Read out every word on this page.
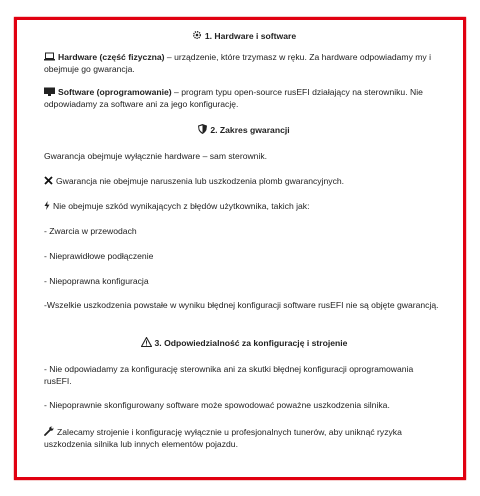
1. Hardware i software

Hardware (część fizyczna) – urządzenie, które trzymasz w ręku. Za hardware odpowiadamy my i obejmuje go gwarancja.

Software (oprogramowanie) – program typu open-source rusEFI działający na sterowniku. Nie odpowiadamy za software ani za jego konfigurację.

2. Zakres gwarancji

Gwarancja obejmuje wyłącznie hardware – sam sterownik.

Gwarancja nie obejmuje naruszenia lub uszkodzenia plomb gwarancyjnych.

Nie obejmuje szkód wynikających z błędów użytkownika, takich jak:

- Zwarcia w przewodach

- Nieprawidłowe podłączenie

- Niepoprawna konfiguracja

-Wszelkie uszkodzenia powstałe w wyniku błędnej konfiguracji software rusEFI nie są objęte gwarancją.

3. Odpowiedzialność za konfigurację i strojenie

- Nie odpowiadamy za konfigurację sterownika ani za skutki błędnej konfiguracji oprogramowania rusEFI.

- Niepoprawnie skonfigurowany software może spowodować poważne uszkodzenia silnika.

Zalecamy strojenie i konfigurację wyłącznie u profesjonalnych tunerów, aby uniknąć ryzyka uszkodzenia silnika lub innych elementów pojazdu.
